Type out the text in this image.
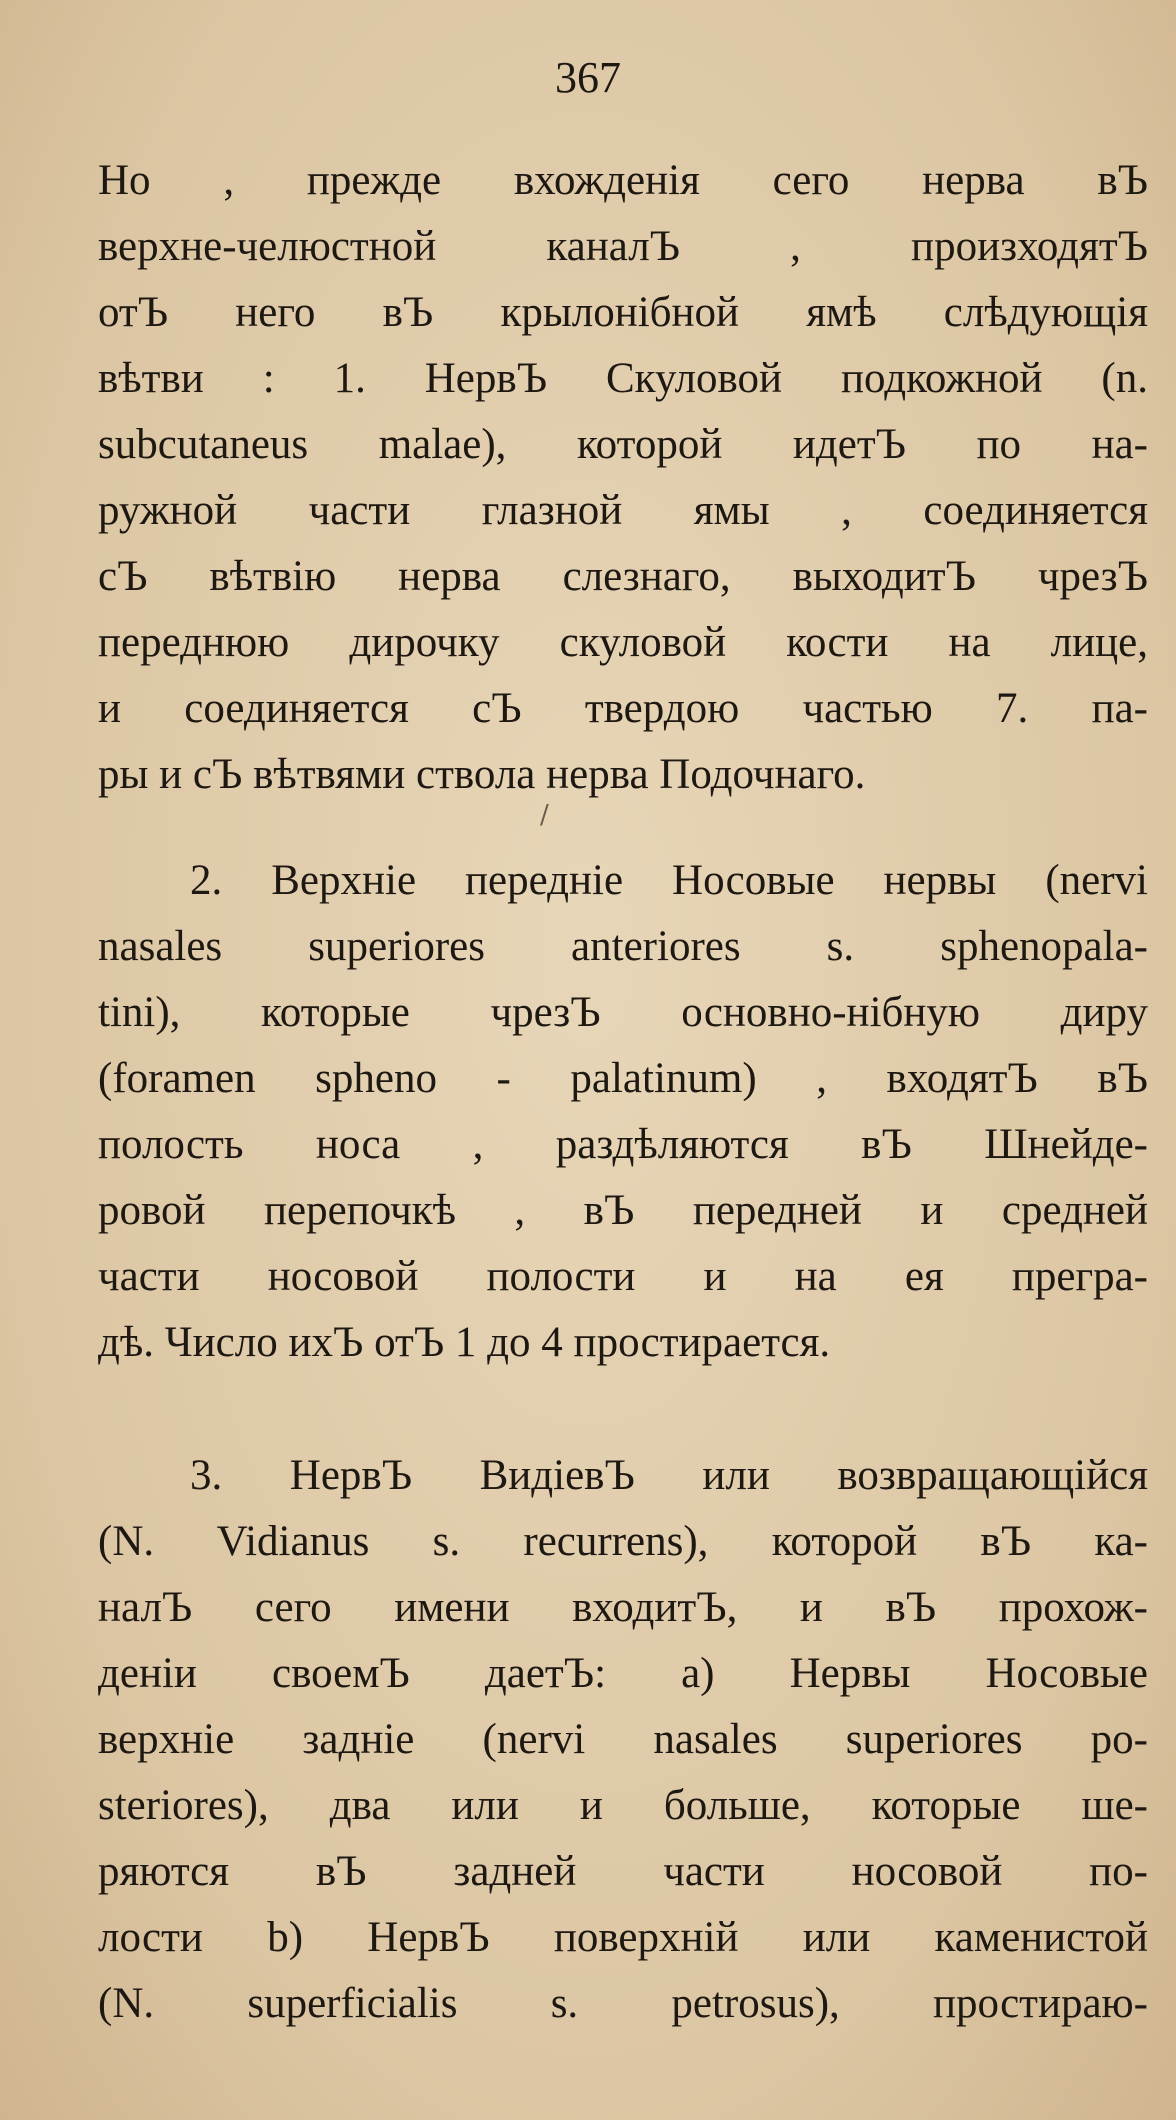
367
Но , прежде вхожденія сего нерва вЪ
верхне-челюстной каналЪ , произходятЪ
отЪ него вЪ крылонібной ямѣ слѣдующія
вѣтви : 1. НервЪ Скуловой подкожной (n.
subcutaneus malae), которой идетЪ по на-
ружной части глазной ямы , соединяется
сЪ вѣтвію нерва слезнаго, выходитЪ чрезЪ
переднюю дирочку скуловой кости на лице,
и соединяется сЪ твердою частью 7. па-
ры и сЪ вѣтвями ствола нерва Подочнаго.
/
2. Верхніе передніе Носовые нервы (nervi
nasales superiores anteriores s. sphenopala-
tini), которые чрезЪ основно-нібную диру
(foramen spheno - palatinum) , входятЪ вЪ
полость носа , раздѣляются вЪ Шнейде-
ровой перепочкѣ , вЪ передней и средней
части носовой полости и на ея прегра-
дѣ. Число ихЪ отЪ 1 до 4 простирается.
3. НервЪ ВидіевЪ или возвращающійся
(N. Vidianus s. recurrens), которой вЪ ка-
налЪ сего имени входитЪ, и вЪ прохож-
деніи своемЪ даетЪ: a) Нервы Носовые
верхніе задніе (nervi nasales superiores po-
steriores), два или и больше, которые ше-
ряются вЪ задней части носовой по-
лости b) НервЪ поверхній или каменистой
(N. superficialis s. petrosus), простираю-
